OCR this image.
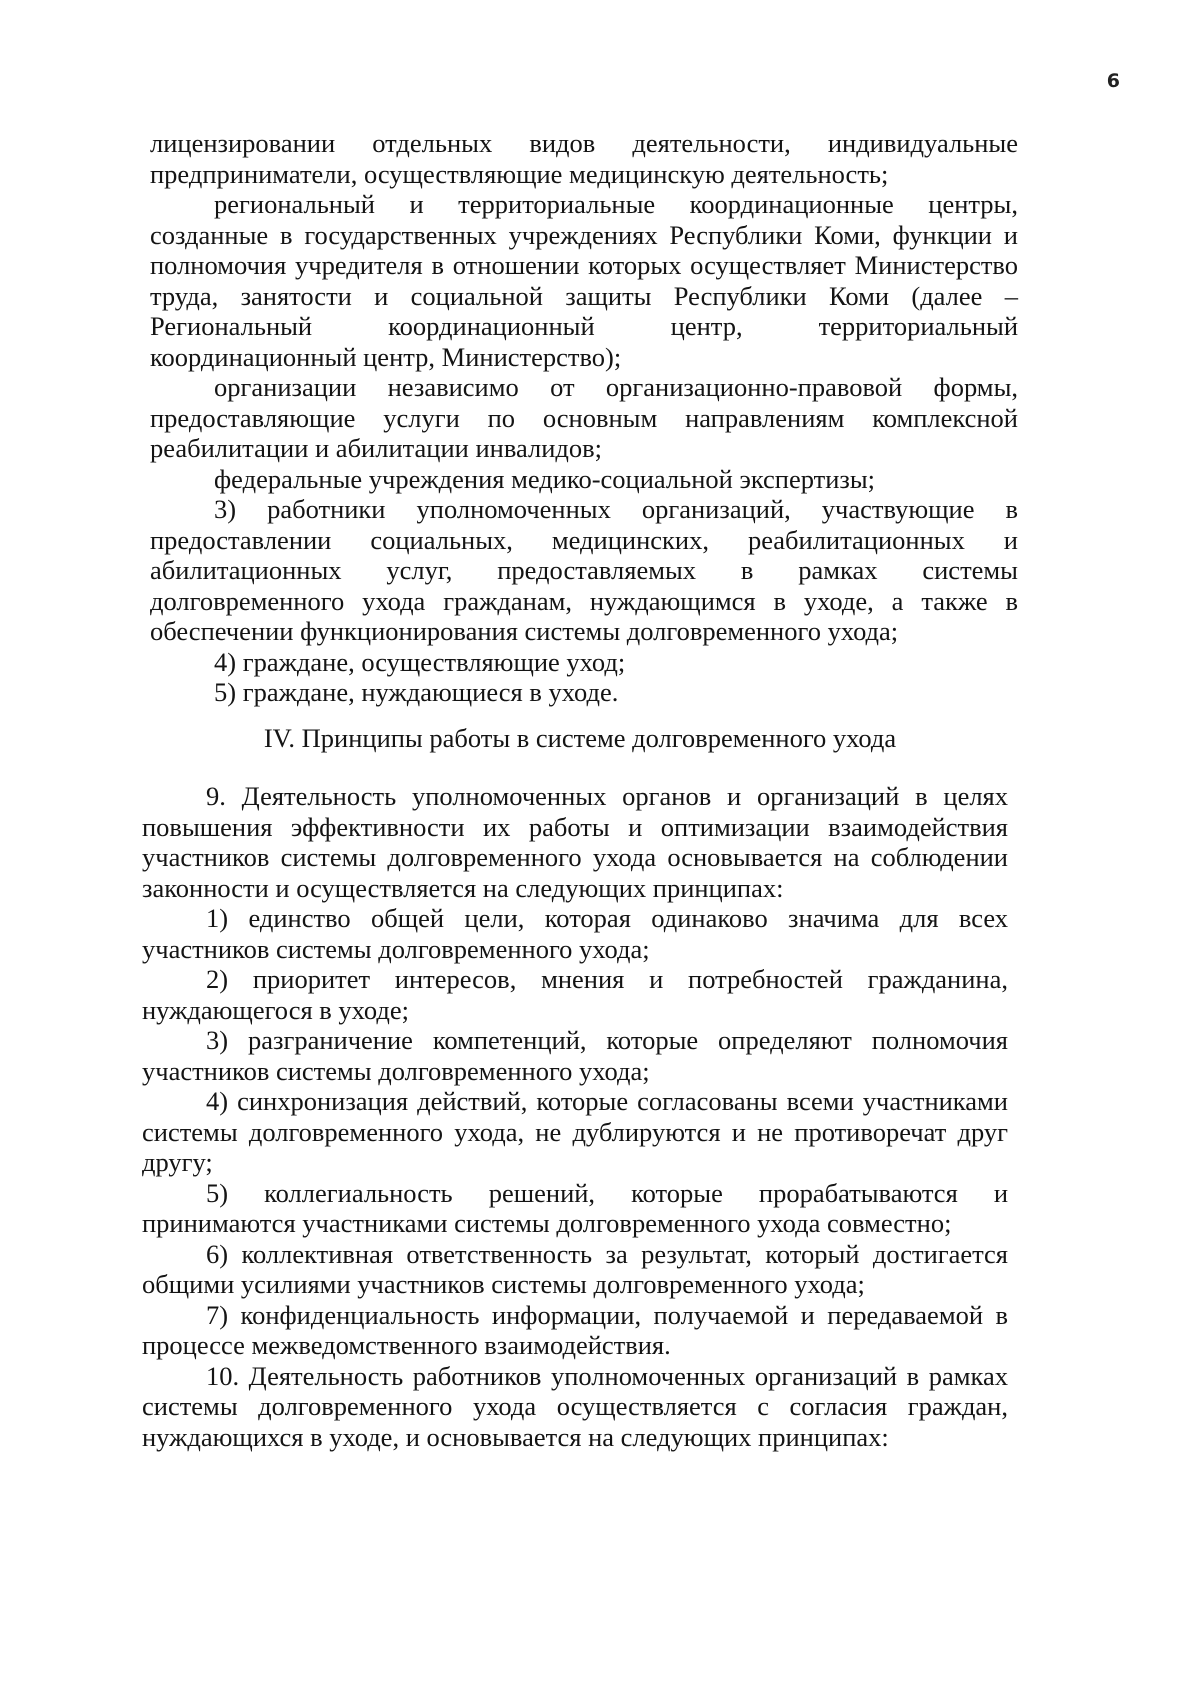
6

лицензировании отдельных видов деятельности, индивидуальные предприниматели, осуществляющие медицинскую деятельность;

региональный и территориальные координационные центры, созданные в государственных учреждениях Республики Коми, функции и полномочия учредителя в отношении которых осуществляет Министерство труда, занятости и социальной защиты Республики Коми (далее – Региональный координационный центр, территориальный координационный центр, Министерство);

организации независимо от организационно-правовой формы, предоставляющие услуги по основным направлениям комплексной реабилитации и абилитации инвалидов;

федеральные учреждения медико-социальной экспертизы;

3) работники уполномоченных организаций, участвующие в предоставлении социальных, медицинских, реабилитационных и абилитационных услуг, предоставляемых в рамках системы долговременного ухода гражданам, нуждающимся в уходе, а также в обеспечении функционирования системы долговременного ухода;

4) граждане, осуществляющие уход;

5) граждане, нуждающиеся в уходе.

IV. Принципы работы в системе долговременного ухода

9. Деятельность уполномоченных органов и организаций в целях повышения эффективности их работы и оптимизации взаимодействия участников системы долговременного ухода основывается на соблюдении законности и осуществляется на следующих принципах:

1) единство общей цели, которая одинаково значима для всех участников системы долговременного ухода;

2) приоритет интересов, мнения и потребностей гражданина, нуждающегося в уходе;

3) разграничение компетенций, которые определяют полномочия участников системы долговременного ухода;

4) синхронизация действий, которые согласованы всеми участниками системы долговременного ухода, не дублируются и не противоречат друг другу;

5) коллегиальность решений, которые прорабатываются и принимаются участниками системы долговременного ухода совместно;

6) коллективная ответственность за результат, который достигается общими усилиями участников системы долговременного ухода;

7) конфиденциальность информации, получаемой и передаваемой в процессе межведомственного взаимодействия.

10. Деятельность работников уполномоченных организаций в рамках системы долговременного ухода осуществляется с согласия граждан, нуждающихся в уходе, и основывается на следующих принципах:
